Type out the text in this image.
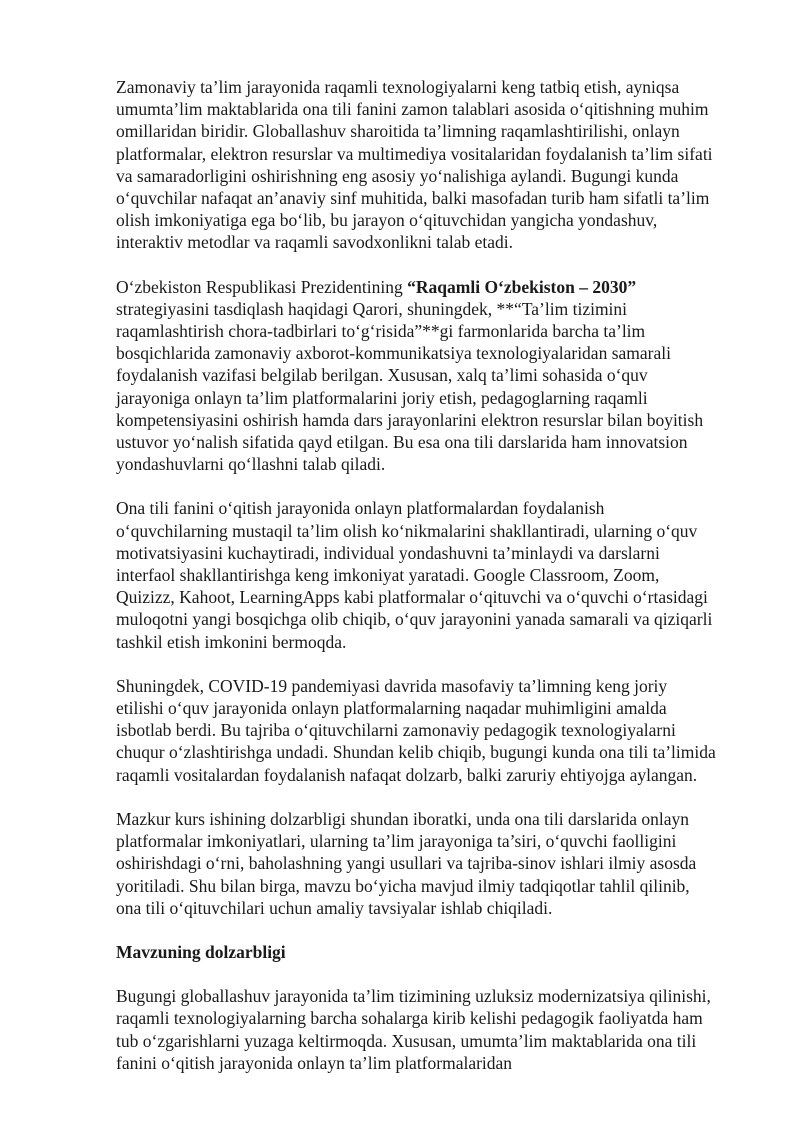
Zamonaviy ta’lim jarayonida raqamli texnologiyalarni keng tatbiq etish, ayniqsa umumta’lim maktablarida ona tili fanini zamon talablari asosida o‘qitishning muhim omillaridan biridir. Globallashuv sharoitida ta’limning raqamlashtirilishi, onlayn platformalar, elektron resurslar va multimediya vositalaridan foydalanish ta’lim sifati va samaradorligini oshirishning eng asosiy yo‘nalishiga aylandi. Bugungi kunda o‘quvchilar nafaqat an’anaviy sinf muhitida, balki masofadan turib ham sifatli ta’lim olish imkoniyatiga ega bo‘lib, bu jarayon o‘qituvchidan yangicha yondashuv, interaktiv metodlar va raqamli savodxonlikni talab etadi.

O‘zbekiston Respublikasi Prezidentining “Raqamli O‘zbekiston – 2030” strategiyasini tasdiqlash haqidagi Qarori, shuningdek, **“Ta’lim tizimini raqamlashtirish chora-tadbirlari to‘g‘risida”**gi farmonlarida barcha ta’lim bosqichlarida zamonaviy axborot-kommunikatsiya texnologiyalaridan samarali foydalanish vazifasi belgilab berilgan. Xususan, xalq ta’limi sohasida o‘quv jarayoniga onlayn ta’lim platformalarini joriy etish, pedagoglarning raqamli kompetensiyasini oshirish hamda dars jarayonlarini elektron resurslar bilan boyitish ustuvor yo‘nalish sifatida qayd etilgan. Bu esa ona tili darslarida ham innovatsion yondashuvlarni qo‘llashni talab qiladi.

Ona tili fanini o‘qitish jarayonida onlayn platformalardan foydalanish o‘quvchilarning mustaqil ta’lim olish ko‘nikmalarini shakllantiradi, ularning o‘quv motivatsiyasini kuchaytiradi, individual yondashuvni ta’minlaydi va darslarni interfaol shakllantirishga keng imkoniyat yaratadi. Google Classroom, Zoom, Quizizz, Kahoot, LearningApps kabi platformalar o‘qituvchi va o‘quvchi o‘rtasidagi muloqotni yangi bosqichga olib chiqib, o‘quv jarayonini yanada samarali va qiziqarli tashkil etish imkonini bermoqda.

Shuningdek, COVID-19 pandemiyasi davrida masofaviy ta’limning keng joriy etilishi o‘quv jarayonida onlayn platformalarning naqadar muhimligini amalda isbotlab berdi. Bu tajriba o‘qituvchilarni zamonaviy pedagogik texnologiyalarni chuqur o‘zlashtirishga undadi. Shundan kelib chiqib, bugungi kunda ona tili ta’limida raqamli vositalardan foydalanish nafaqat dolzarb, balki zaruriy ehtiyojga aylangan.

Mazkur kurs ishining dolzarbligi shundan iboratki, unda ona tili darslarida onlayn platformalar imkoniyatlari, ularning ta’lim jarayoniga ta’siri, o‘quvchi faolligini oshirishdagi o‘rni, baholashning yangi usullari va tajriba-sinov ishlari ilmiy asosda yoritiladi. Shu bilan birga, mavzu bo‘yicha mavjud ilmiy tadqiqotlar tahlil qilinib, ona tili o‘qituvchilari uchun amaliy tavsiyalar ishlab chiqiladi.

Mavzuning dolzarbligi

Bugungi globallashuv jarayonida ta’lim tizimining uzluksiz modernizatsiya qilinishi, raqamli texnologiyalarning barcha sohalarga kirib kelishi pedagogik faoliyatda ham tub o‘zgarishlarni yuzaga keltirmoqda. Xususan, umumta’lim maktablarida ona tili fanini o‘qitish jarayonida onlayn ta’lim platformalaridan
